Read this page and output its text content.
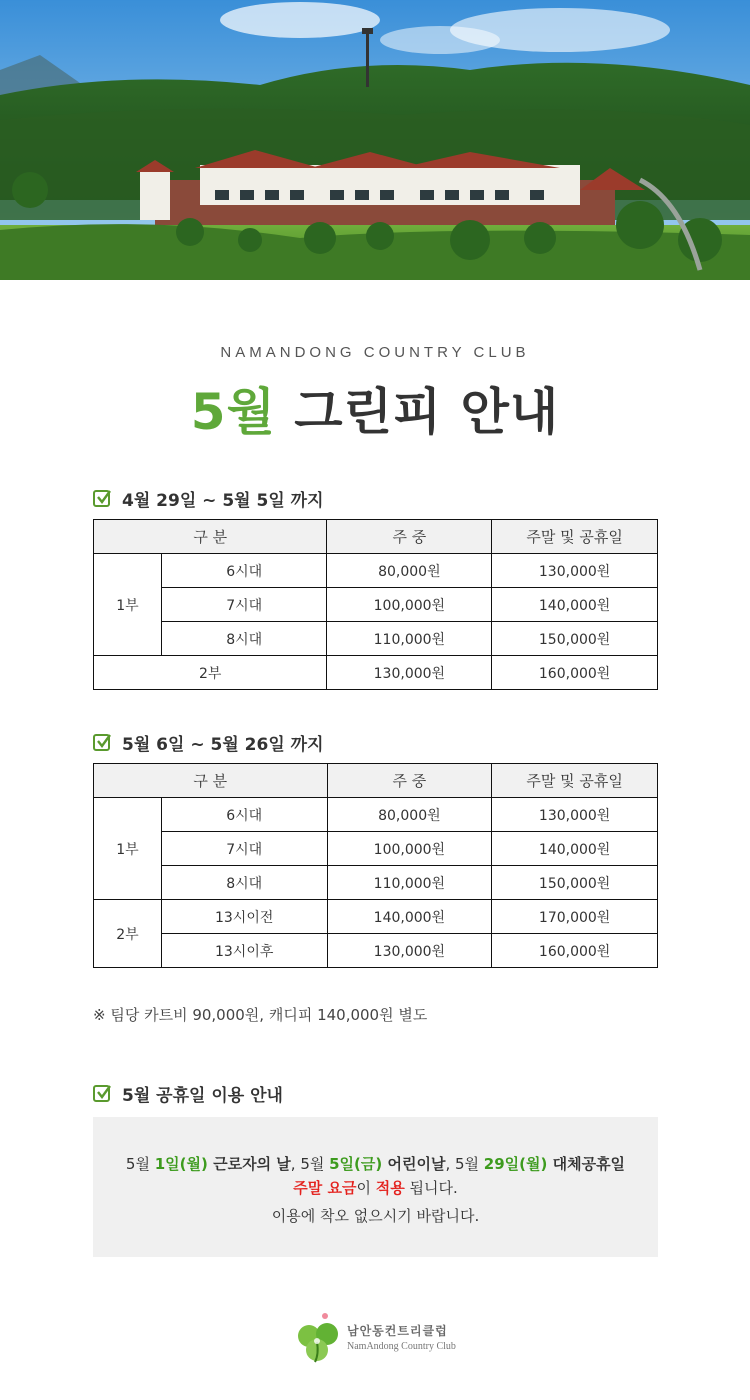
NAMANDONG COUNTRY CLUB
5월 그린피 안내
4월 29일 ~ 5월 5일 까지
구 분		주 중	주말 및 공휴일
1부	6시대	80,000원	130,000원
	7시대	100,000원	140,000원
	8시대	110,000원	150,000원
2부		130,000원	160,000원
5월 6일 ~ 5월 26일 까지
구 분		주 중	주말 및 공휴일
1부	6시대	80,000원	130,000원
	7시대	100,000원	140,000원
	8시대	110,000원	150,000원
2부	13시이전	140,000원	170,000원
	13시이후	130,000원	160,000원
※ 팀당 카트비 90,000원, 캐디피 140,000원 별도
5월 공휴일 이용 안내
5월 1일(월) 근로자의 날, 5월 5일(금) 어린이날, 5월 29일(월) 대체공휴일
주말 요금이 적용 됩니다.
이용에 착오 없으시기 바랍니다.
남안동컨트리클럽
NamAndong Country Club
